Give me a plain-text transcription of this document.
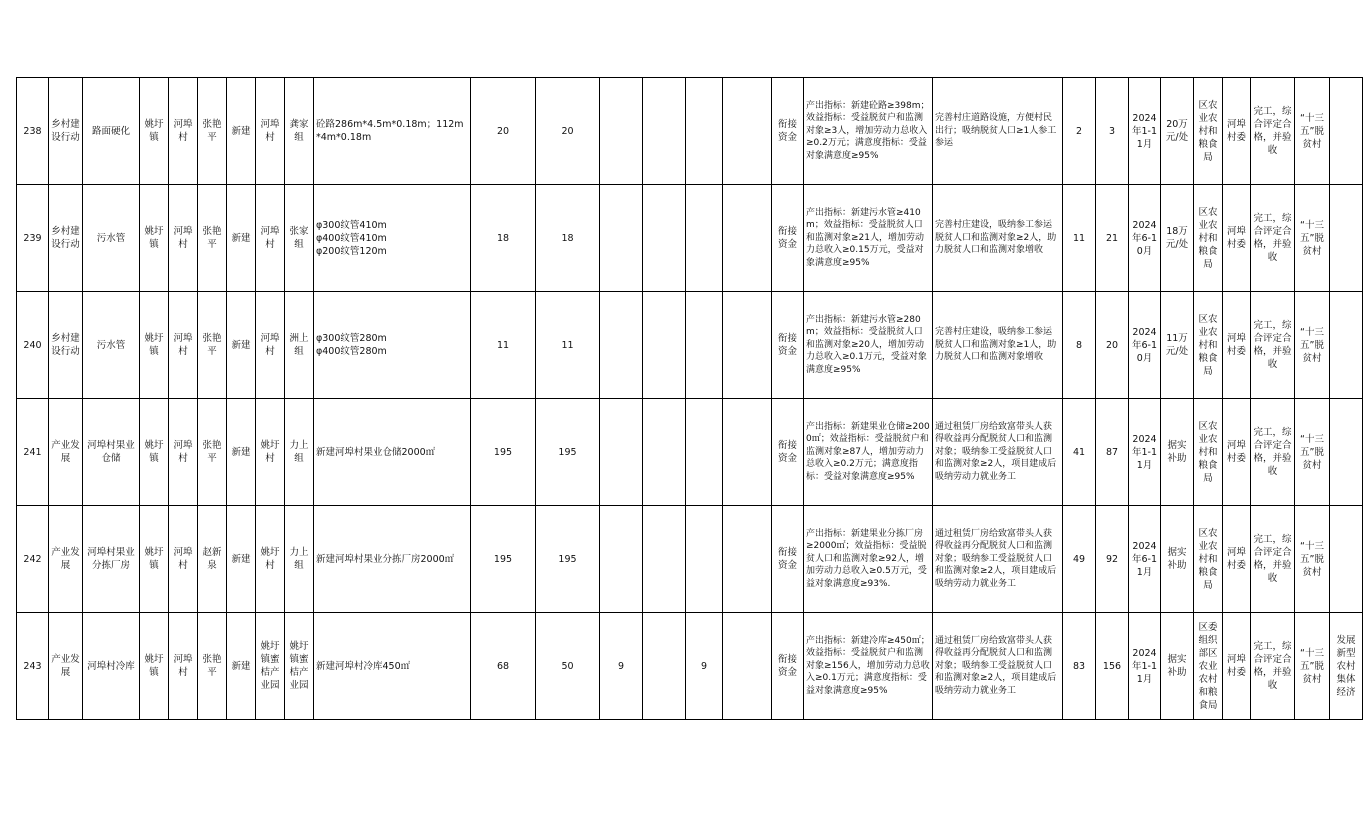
238	乡村建设行动	路面硬化	姚圩镇	河埠村	张艳平	新建	河埠村	龚家组	砼路286m*4.5m*0.18m；112m*4m*0.18m	20	20					衔接资金	产出指标：新建砼路≥398m；效益指标：受益脱贫户和监测对象≥3人，增加劳动力总收入≥0.2万元；满意度指标：受益对象满意度≥95%	完善村庄道路设施，方便村民出行；吸纳脱贫人口≥1人参工参运	2	3	2024年1-11月	20万元/处	区农业农村和粮食局	河埠村委	完工，综合评定合格，并验收	“十三五”脱贫村	
239	乡村建设行动	污水管	姚圩镇	河埠村	张艳平	新建	河埠村	张家组	φ300纹管410m
φ400纹管410m
φ200纹管120m	18	18					衔接资金	产出指标：新建污水管≥410m；效益指标：受益脱贫人口和监测对象≥21人，增加劳动力总收入≥0.15万元，受益对象满意度≥95%	完善村庄建设，吸纳参工参运脱贫人口和监测对象≥2人，助力脱贫人口和监测对象增收	11	21	2024年6-10月	18万元/处	区农业农村和粮食局	河埠村委	完工，综合评定合格，并验收	“十三五”脱贫村	
240	乡村建设行动	污水管	姚圩镇	河埠村	张艳平	新建	河埠村	洲上组	φ300纹管280m
φ400纹管280m	11	11					衔接资金	产出指标：新建污水管≥280m；效益指标：受益脱贫人口和监测对象≥20人，增加劳动力总收入≥0.1万元，受益对象满意度≥95%	完善村庄建设，吸纳参工参运脱贫人口和监测对象≥1人，助力脱贫人口和监测对象增收	8	20	2024年6-10月	11万元/处	区农业农村和粮食局	河埠村委	完工，综合评定合格，并验收	“十三五”脱贫村	
241	产业发展	河埠村果业仓储	姚圩镇	河埠村	张艳平	新建	姚圩村	力上组	新建河埠村果业仓储2000㎡	195	195					衔接资金	产出指标：新建果业仓储≥2000㎡；效益指标：受益脱贫户和监测对象≥87人，增加劳动力总收入≥0.2万元；满意度指标：受益对象满意度≥95%	通过租赁厂房给致富带头人获得收益再分配脱贫人口和监测对象；吸纳参工受益脱贫人口和监测对象≥2人，项目建成后吸纳劳动力就业务工	41	87	2024年1-11月	据实补助	区农业农村和粮食局	河埠村委	完工，综合评定合格，并验收	“十三五”脱贫村	
242	产业发展	河埠村果业分拣厂房	姚圩镇	河埠村	赵新泉	新建	姚圩村	力上组	新建河埠村果业分拣厂房2000㎡	195	195					衔接资金	产出指标：新建果业分拣厂房≥2000㎡；效益指标：受益脱贫人口和监测对象≥92人，增加劳动力总收入≥0.5万元，受益对象满意度≥93%.	通过租赁厂房给致富带头人获得收益再分配脱贫人口和监测对象；吸纳参工受益脱贫人口和监测对象≥2人，项目建成后吸纳劳动力就业务工	49	92	2024年6-11月	据实补助	区农业农村和粮食局	河埠村委	完工，综合评定合格，并验收	“十三五”脱贫村	
243	产业发展	河埠村冷库	姚圩镇	河埠村	张艳平	新建	姚圩镇蜜桔产业园	姚圩镇蜜桔产业园	新建河埠村冷库450㎡	68	50	9		9		衔接资金	产出指标：新建冷库≥450㎡；效益指标：受益脱贫户和监测对象≥156人，增加劳动力总收入≥0.1万元；满意度指标：受益对象满意度≥95%	通过租赁厂房给致富带头人获得收益再分配脱贫人口和监测对象；吸纳参工受益脱贫人口和监测对象≥2人，项目建成后吸纳劳动力就业务工	83	156	2024年1-11月	据实补助	区委组织部区农业农村和粮食局	河埠村委	完工，综合评定合格，并验收	“十三五”脱贫村	发展新型农村集体经济
